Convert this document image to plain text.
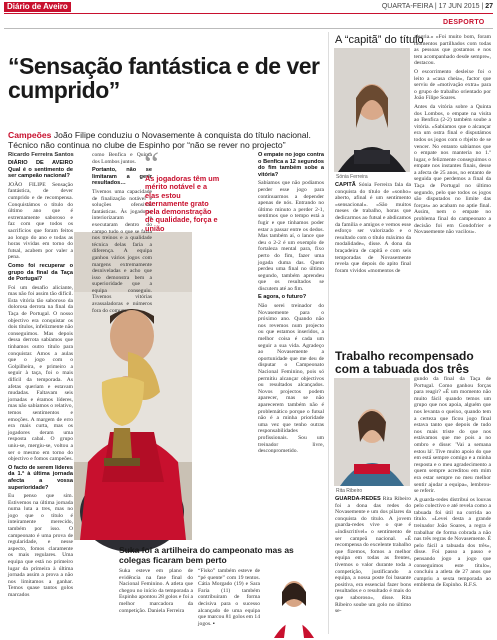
Diário de Aveiro	QUARTA-FEIRA | 17 JUN 2015 | 27
DESPORTO
“Sensação fantástica e de ver cumprido”

Campeões João Filipe conduziu o Novasemente à conquista do título nacional. Técnico não continua no clube de Espinho por “não se rever no projecto”

Ricardo Ferreira Santos

DIÁRIO DE AVEIRO Qual é o sentimento de ser campeão nacional?

JOÃO FILIPE Sensação fantástica, de dever cumprido e de recompensa. Conquistámos o título do último ano que é extremamente saboroso e faz com que todos os sacrifícios que foram feitos ao longo do ano e todas as horas vividas em torno do futsal, acabem por valer a pena.

Como foi recuperar o grupo da final da Taça de Portugal?

Foi um desafio aliciante, mas não foi assim tão difícil. Esta vitória tão saboroso da dolorosa derrota na final da Taça de Portugal. O nosso objectivo era conquistar os dois títulos, infelizmente não conseguimos. Mas depois dessa derrota sabíamos que tínhamos outro título para conquistar. Amos a aulas que o jogo com o Golpilheira, e primeiro a seguir à taça, foi o mais difícil da temporada. As afetas queriam e estavam mudadas. Faltavam seis jornadas e éramos líderes, mas não sabíamos o relativo, temos sentimentos e emoções. A margem de erro era mais curta, mas os jogadores deram uma resposta cabal. O grupo uniu-se, mergiu-se, voltou a ser o mesmo em torno do objectivo e fomos campeões.

O facto de serem líderes da 1.ª à última jornada afecta a vossa superioridade?

Eu penso que sim. Estivemos na última jornada numa luta a tres, mas no jogo que o título é inteiramente merecido, também por isso. O campeonato é uma prova de regularidade, e nesse aspecto, fomos claramente os mais regulares. Uma equipa que está no primeiro lugar da primeira à última jornada assim a prova a não nos limitamos a ganhar. Temos quase tantos golos marcados

como Benfica e Quinta dos Lombos juntos.

Portanto, não se limitaram a gerir resultados…

Tivemos uma capacidade de finalização notável e soluções ofensivas fantásticas. Às jogadoras interiorizaram e executaram dentro do campo tudo o que se fazia nos treinos e a qualidade técnica delas faria a diferença. A equipa ganhou vários jogos com margens extremamente desniveladas e acho que isso demonstra bem a superioridade que a equipa conseguiu. Tivemos vitórias avassaladoras e números fora do comum.

“
As jogadoras têm um mérito notável e a elas estou eternamente grato pela demonstração de qualidade, força e união

O empate no jogo contra o Benfica a 12 segundos do fim também sobe a vitória?

Sabíamos que não podíamos perder esse jogo para continuarmos a depender apenas de nós. Entrando no último minuto a perder 2-1, sentimos que o tempo está a fugir e que tínhamos poder estar a passar entre os dedos. Mas também aí, o lance que deu o 2-2 é um exemplo de fortaleza mental para, fixo perto do fim, fazer uma jogada duma das. Quem perdeu uma final no último segundo, também aprendeu que os resultados se discutem até ao fim.

E agora, o futuro?

Não serei treinador do Novasemente para o próximo ano. Quando não nos revemos num projecto ou que estamos inseridos, a melhor coisa é cada um seguir a sua vida. Agradeço ao Novasemente a oportunidade que me deu de disputar o Campeonato Nacional Feminino, pois só permitiu alcançar objectivos ou resultados alcançados. Novos projectos podem aparecer, mas se não aparecerem também não é problemático porque o futsal não é a minha prioridade uma vez que tenho outras responsabilidades profissionais. Sou um treinador livre, desconprometido.

A “capitã” do título
Sónia Ferreira

CAPITÃ Sónia Ferreira fala da conquista do título de «sonho» aberto, afinal é um sentimento «sensacional». «São muitos meses de trabalho, horas que dedicarmos ao futsal e abdicamos da família e amigos e vemos esse esforço ser valorizado e o resultado com o título máximo da modalidade», disse. A dona da braçadeira de capitã e com seis temporadas de Novasemente revela que depois do apito final foram vividos «momentos de

alegria.» «Foi muito bom, foram momentos partilhados com todas as pessoas que gostamos e nos tem acompanhado desde sempre», destacou.

O escorrimento desleixe foi o leito a «casa cheia», factor que serviu de «motivação extra» para o grupo de trabalho orientado por João Filipe Soares.

Antes da vitória sobre a Quinta dos Lombos, o empate na visita ao Benfica (2-2) também soube a vitória. «Sabíamos que o alcançar era um ostra final e disputámos todos os jogos com o rbjeito de se vencer. No entanto sabíamos que o empate nos manteria no 1.º lugar, e felizmente conseguimos o empate nos instantes finais, desse a afecta de 25 anos, no entanto de seguida que perdemos a final da Taça de Portugal no último segundo, pelo que todos os jogos são disputados no limite das forças» ao acabam no aptie final. Assim, nem o empate no problema final do campeonato a decisão foi em Gondofrier e Novasemente não vacilou».

Trabalho recompensado com a tabuada dos três
Rita Ribeiro

GUARDA-REDES Rita Ribeiro foi a dona das redes do Novasemente e um dos pilares da conquista do título. A jovem guarda-redes vive o que é «indiscritível» o sentimento de ser campeã nacional. «É recompensa do excelente trabalho que fizemos, fomos a melhor equipa em todas as frentes, tivemos o valor durante toda a competição, justificando a equipa, a nossa poste foi basante positiva, era essencial fazer bons resultados e o resultado é mais do que saboroso», disse. Rita Ribeiro soube um golo no último se-

gundo da final da Taça de Portugal. Como ganhou forças para reagir? «É um momento não muito fácil quando temos um grupo que nos apoia, alguém que nos levanta o queixo, quando tem a certeza que ficou jogo final estava tanto que depois de tudo nos mais triste do que nos estávamos que me pois a no ombro e disse: 'Vai a semana estou lá'. Tive muito apoio do que em está sempre comigo e a minha resposta e o meu agradecimento a quem sempre acreditou em mim era estar sempre no meu melhor sentir ajudar a equipa», lembrou-se referir.

A guarda-redes distribui os louvas pelo colectivo e até revela como a tabuada foi útil na corrida ao título. «Levei desta a grande treinador João Soares, a regra é trabalhar de forma cobrada a não nas três regras de Novasemente. É pelo fácil a tabuada dos três», disse. Foi passo a passo e pensando jogo a jogo que conseguimos este título», concluiu a atleta de 27 anos que cumpriu a sexta temporada ao emblema de Espinho. R.F.S.

Suka foi a artilheira do campeonato mas as colegas ficaram bem perto
Suka esteve em plano de evidência na fase final do Nacional Feminino. A atleta que chegou no início da temporada a Espinho apontou 28 golos e foi a melhor marcadora da competição. Daniela Ferreira
“Fisko” também esteve de “pé quente” com 19 tentos. Cátia Morgado (19) e Sara Faria (11) também contribuíram de forma decisiva para o sucesso alcançado de uma equipa que marcou 81 golos em 14 jogos. ▪
